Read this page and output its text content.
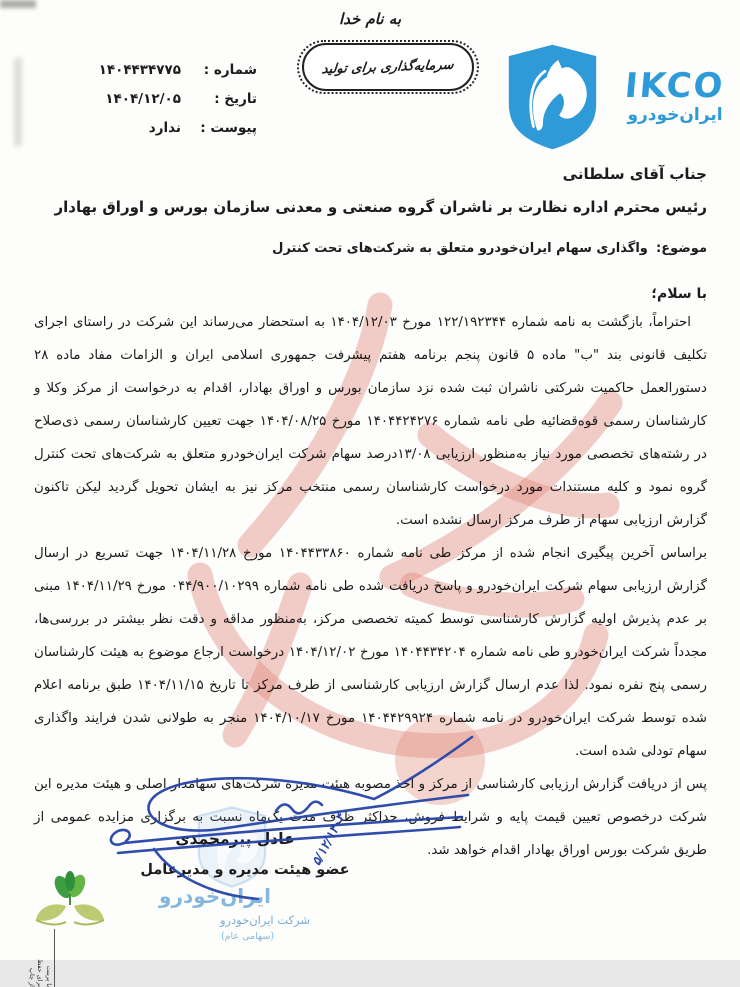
به نام خدا
سرمایه‌گذاری برای تولید
شماره :
۱۴۰۴۴۳۴۷۷۵
تاریخ :
۱۴۰۴/۱۲/۰۵
پیوست :
ندارد
IKCO
ایران‌خودرو
جناب آقای سلطانی
رئیس محترم اداره نظارت بر ناشران گروه صنعتی و معدنی سازمان بورس و اوراق بهادار
موضوع: واگذاری سهام ایران‌خودرو متعلق به شرکت‌های تحت کنترل
با سلام؛

احتراماً، بازگشت به نامه شماره ۱۲۲/۱۹۲۳۴۴ مورخ ۱۴۰۴/۱۲/۰۳ به استحضار می‌رساند این شرکت در راستای اجرای تکلیف قانونی بند "ب" ماده ۵ قانون پنجم برنامه هفتم پیشرفت جمهوری اسلامی ایران و الزامات مفاد ماده ۲۸ دستورالعمل حاکمیت شرکتی ناشران ثبت شده نزد سازمان بورس و اوراق بهادار، اقدام به درخواست از مرکز وکلا و کارشناسان رسمی قوه‌قضائیه طی نامه شماره ۱۴۰۴۴۲۴۲۷۶ مورخ ۱۴۰۴/۰۸/۲۵ جهت تعیین کارشناسان رسمی ذی‌صلاح در رشته‌های تخصصی مورد نیاز به‌منظور ارزیابی ۱۳/۰۸درصد سهام شرکت ایران‌خودرو متعلق به شرکت‌های تحت کنترل گروه نمود و کلیه مستندات مورد درخواست کارشناسان رسمی منتخب مرکز نیز به ایشان تحویل گردید لیکن تاکنون گزارش ارزیابی سهام از طرف مرکز ارسال نشده است.

براساس آخرین پیگیری انجام شده از مرکز طی نامه شماره ۱۴۰۴۴۳۳۸۶۰ مورخ ۱۴۰۴/۱۱/۲۸ جهت تسریع در ارسال گزارش ارزیابی سهام شرکت ایران‌خودرو و پاسخ دریافت شده طی نامه شماره ۰۴۴/۹۰۰/۱۰۲۹۹ مورخ ۱۴۰۴/۱۱/۲۹ مبنی بر عدم پذیرش اولیه گزارش کارشناسی توسط کمیته تخصصی مرکز، به‌منظور مداقه و دقت نظر بیشتر در بررسی‌ها، مجدداً شرکت ایران‌خودرو طی نامه شماره ۱۴۰۴۴۳۴۲۰۴ مورخ ۱۴۰۴/۱۲/۰۲ درخواست ارجاع موضوع به هیئت کارشناسان رسمی پنج نفره نمود. لذا عدم ارسال گزارش ارزیابی کارشناسی از طرف مرکز تا تاریخ ۱۴۰۴/۱۱/۱۵ طبق برنامه اعلام شده توسط شرکت ایران‌خودرو در نامه شماره ۱۴۰۴۴۲۹۹۲۴ مورخ ۱۴۰۴/۱۰/۱۷ منجر به طولانی شدن فرایند واگذاری سهام تودلی شده است.

پس از دریافت گزارش ارزیابی کارشناسی از مرکز و اخذ مصوبه هیئت مدیره شرکت‌های سهامدار اصلی و هیئت مدیره این شرکت درخصوص تعیین قیمت پایه و شرایط فروش، حداکثر ظرف مدت یک‌ماه نسبت به برگزاری مزایده عمومی از طریق شرکت بورس اوراق بهادار اقدام خواهد شد.

ایران‌خودرو
شرکت ایران‌خودرو
(سهامی عام)
عادل پیرمحمدی
عضو هیئت مدیره و مدیرعامل
۵/۱۲/۱۴۰۴
با پرینت
برای حفظ
از چاپ
